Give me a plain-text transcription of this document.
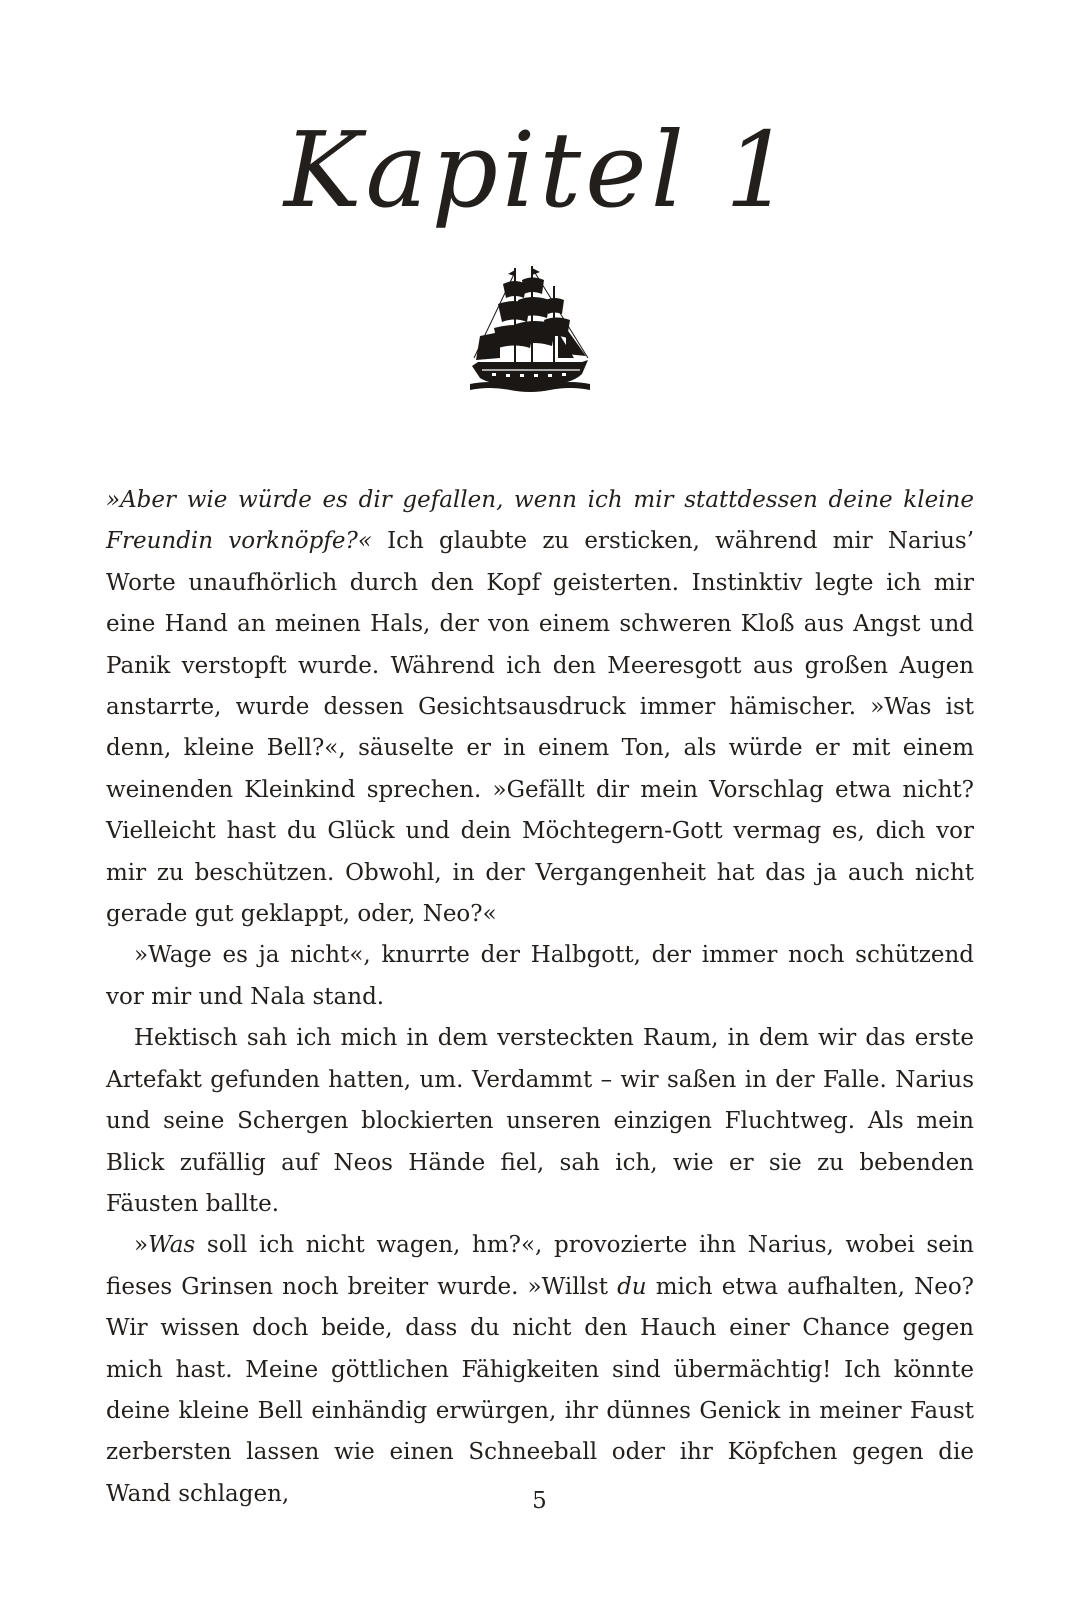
Kapitel 1

»Aber wie würde es dir gefallen, wenn ich mir stattdessen deine kleine Freundin vorknöpfe?« Ich glaubte zu ersticken, während mir Narius’ Worte unaufhörlich durch den Kopf geisterten. Instinktiv legte ich mir eine Hand an meinen Hals, der von einem schweren Kloß aus Angst und Panik verstopft wurde. Während ich den Meeresgott aus großen Augen anstarrte, wurde dessen Gesichtsausdruck immer hämischer. »Was ist denn, kleine Bell?«, säuselte er in einem Ton, als würde er mit einem weinenden Kleinkind sprechen. »Gefällt dir mein Vorschlag etwa nicht? Vielleicht hast du Glück und dein Möchtegern-Gott vermag es, dich vor mir zu beschützen. Obwohl, in der Vergangenheit hat das ja auch nicht gerade gut geklappt, oder, Neo?«

»Wage es ja nicht«, knurrte der Halbgott, der immer noch schützend vor mir und Nala stand.

Hektisch sah ich mich in dem versteckten Raum, in dem wir das erste Artefakt gefunden hatten, um. Verdammt – wir saßen in der Falle. Narius und seine Schergen blockierten unseren einzigen Fluchtweg. Als mein Blick zufällig auf Neos Hände fiel, sah ich, wie er sie zu bebenden Fäusten ballte.

»Was soll ich nicht wagen, hm?«, provozierte ihn Narius, wobei sein fieses Grinsen noch breiter wurde. »Willst du mich etwa aufhalten, Neo? Wir wissen doch beide, dass du nicht den Hauch einer Chance gegen mich hast. Meine göttlichen Fähigkeiten sind übermächtig! Ich könnte deine kleine Bell einhändig erwürgen, ihr dünnes Genick in meiner Faust zerbersten lassen wie einen Schneeball oder ihr Köpfchen gegen die Wand schlagen,	5
